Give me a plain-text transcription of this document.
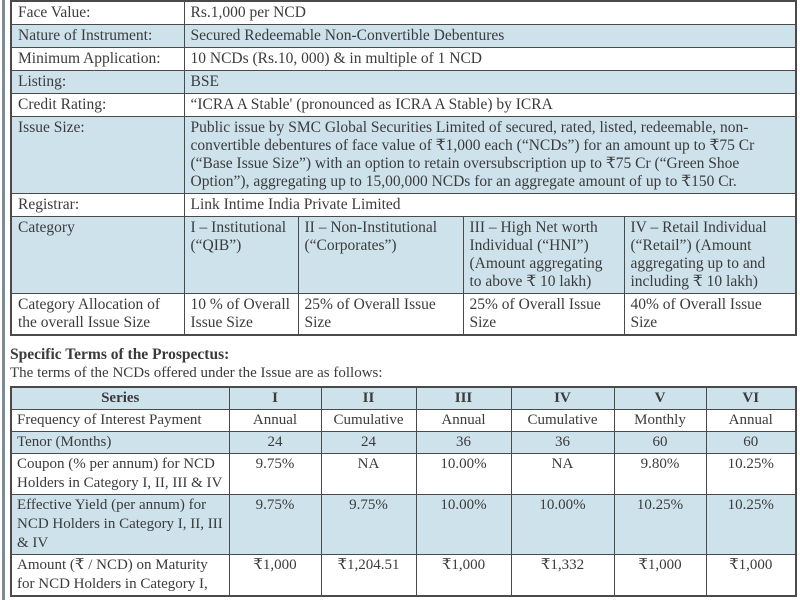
Face Value:	Rs.1,000 per NCD			
Nature of Instrument:	Secured Redeemable Non-Convertible Debentures			
Minimum Application:	10 NCDs (Rs.10, 000) & in multiple of 1 NCD			
Listing:	BSE			
Credit Rating:	“ICRA A Stable' (pronounced as ICRA A Stable) by ICRA			
Issue Size:	Public issue by SMC Global Securities Limited of secured, rated, listed, redeemable, non-convertible debentures of face value of ₹1,000 each (“NCDs”) for an amount up to ₹75 Cr (“Base Issue Size”) with an option to retain oversubscription up to ₹75 Cr (“Green Shoe Option”), aggregating up to 15,00,000 NCDs for an aggregate amount of up to ₹150 Cr.			
Registrar:	Link Intime India Private Limited			
Category	I – Institutional (“QIB”)	II – Non-Institutional (“Corporates”)	III – High Net worth Individual (“HNI”) (Amount aggregating to above ₹ 10 lakh)	IV – Retail Individual (“Retail”) (Amount aggregating up to and including ₹ 10 lakh)
Category Allocation of the overall Issue Size	10 % of Overall Issue Size	25% of Overall Issue Size	25% of Overall Issue Size	40% of Overall Issue Size
Specific Terms of the Prospectus:
The terms of the NCDs offered under the Issue are as follows:
Series	I	II	III	IV	V	VI
Frequency of Interest Payment	Annual	Cumulative	Annual	Cumulative	Monthly	Annual
Tenor (Months)	24	24	36	36	60	60
Coupon (% per annum) for NCD Holders in Category I, II, III & IV	9.75%	NA	10.00%	NA	9.80%	10.25%
Effective Yield (per annum) for NCD Holders in Category I, II, III & IV	9.75%	9.75%	10.00%	10.00%	10.25%	10.25%
Amount (₹ / NCD) on Maturity for NCD Holders in Category I,	₹1,000	₹1,204.51	₹1,000	₹1,332	₹1,000	₹1,000
